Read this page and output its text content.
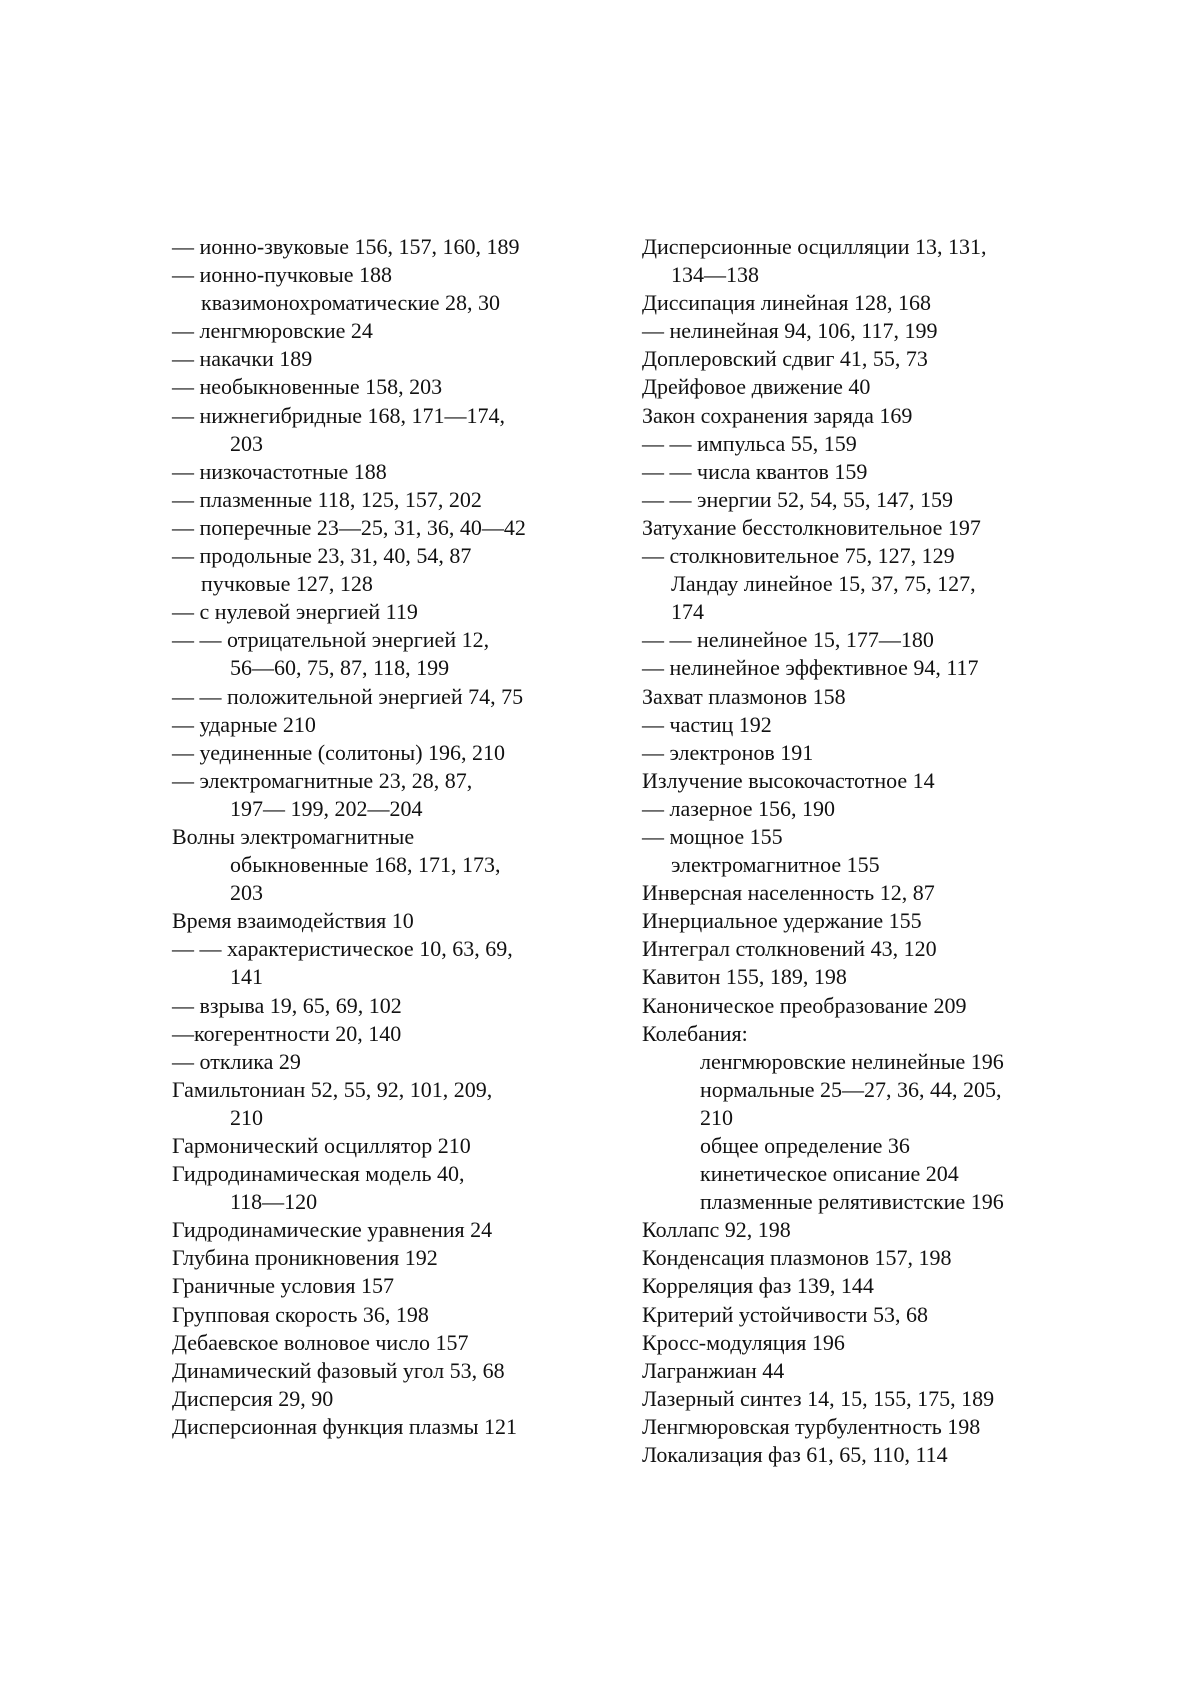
— ионно-звуковые 156, 157, 160, 189
— ионно-пучковые 188
квазимонохроматические 28, 30
— ленгмюровские 24
— накачки 189
— необыкновенные 158, 203
— нижнегибридные 168, 171—174,
203
— низкочастотные 188
— плазменные 118, 125, 157, 202
— поперечные 23—25, 31, 36, 40—42
— продольные 23, 31, 40, 54, 87
пучковые 127, 128
— с нулевой энергией 119
— — отрицательной энергией 12,
56—60, 75, 87, 118, 199
— — положительной энергией 74, 75
— ударные 210
— уединенные (солитоны) 196, 210
— электромагнитные 23, 28, 87,
197— 199, 202—204
Волны электромагнитные
обыкновенные 168, 171, 173,
203
Время взаимодействия 10
— — характеристическое 10, 63, 69,
141
— взрыва 19, 65, 69, 102
—когерентности 20, 140
— отклика 29
Гамильтониан 52, 55, 92, 101, 209,
210
Гармонический осциллятор 210
Гидродинамическая модель 40,
118—120
Гидродинамические уравнения 24
Глубина проникновения 192
Граничные условия 157
Групповая скорость 36, 198
Дебаевское волновое число 157
Динамический фазовый угол 53, 68
Дисперсия 29, 90
Дисперсионная функция плазмы 121
Дисперсионные осцилляции 13, 131,
134—138
Диссипация линейная 128, 168
— нелинейная 94, 106, 117, 199
Доплеровский сдвиг 41, 55, 73
Дрейфовое движение 40
Закон сохранения заряда 169
— — импульса 55, 159
— — числа квантов 159
— — энергии 52, 54, 55, 147, 159
Затухание бесстолкновительное 197
— столкновительное 75, 127, 129
Ландау линейное 15, 37, 75, 127,
174
— — нелинейное 15, 177—180
— нелинейное эффективное 94, 117
Захват плазмонов 158
— частиц 192
— электронов 191
Излучение высокочастотное 14
— лазерное 156, 190
— мощное 155
электромагнитное 155
Инверсная населенность 12, 87
Инерциальное удержание 155
Интеграл столкновений 43, 120
Кавитон 155, 189, 198
Каноническое преобразование 209
Колебания:
ленгмюровские нелинейные 196
нормальные 25—27, 36, 44, 205,
210
общее определение 36
кинетическое описание 204
плазменные релятивистские 196
Коллапс 92, 198
Конденсация плазмонов 157, 198
Корреляция фаз 139, 144
Критерий устойчивости 53, 68
Кросс-модуляция 196
Лагранжиан 44
Лазерный синтез 14, 15, 155, 175, 189
Ленгмюровская турбулентность 198
Локализация фаз 61, 65, 110, 114
